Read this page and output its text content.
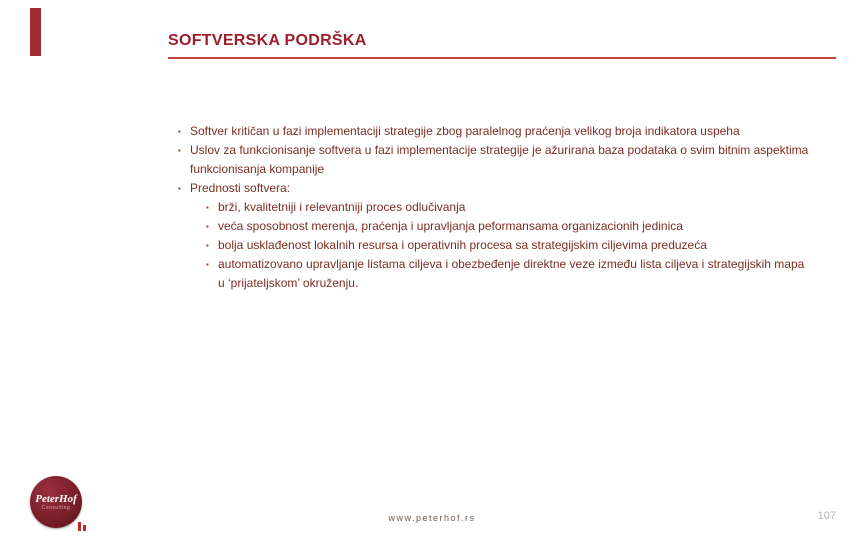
SOFTVERSKA PODRŠKA
▪ Softver kritičan u fazi implementaciji strategije zbog paralelnog praćenja velikog broja indikatora uspeha
▪ Uslov za funkcionisanje softvera u fazi implementacije strategije je ažurirana baza podataka o svim bitnim aspektima funkcionisanja kompanije
▪ Prednosti softvera:
▪ brži, kvalitetniji i relevantniji proces odlučivanja
▪ veća sposobnost merenja, praćenja i upravljanja peformansama organizacionih jedinica
▪ bolja usklađenost lokalnih resursa i operativnih procesa sa strategijskim ciljevima preduzeća
▪ automatizovano upravljanje listama ciljeva i obezbeđenje direktne veze između lista ciljeva i strategijskih mapa u ‘prijateljskom’ okruženju.
PeterHof
Consulting
www.peterhof.rs	107
